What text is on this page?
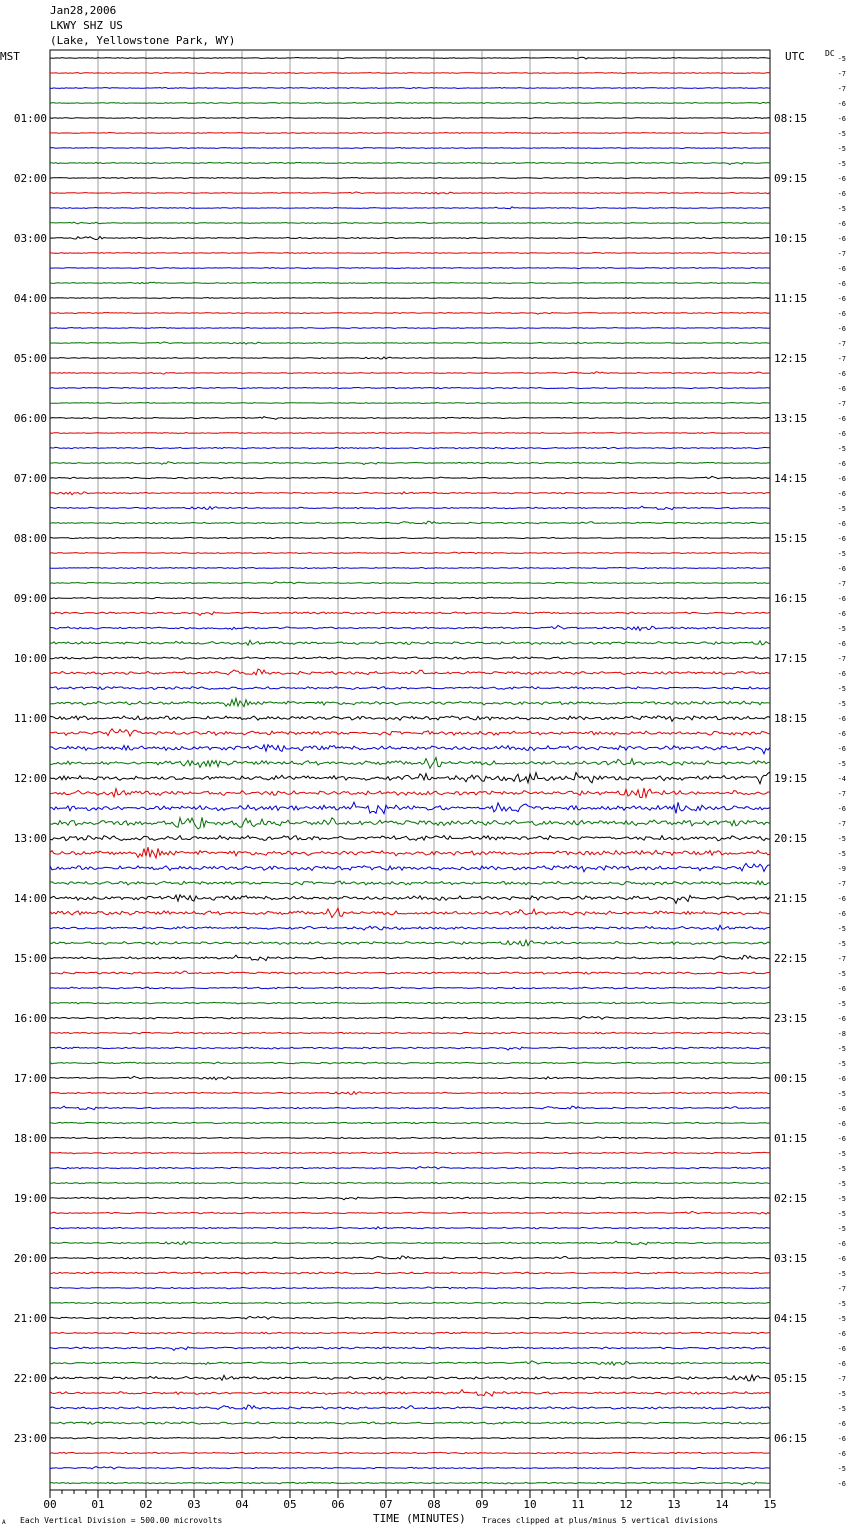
Jan28,2006
LKWY SHZ US
(Lake, Yellowstone Park, WY)
00	01	02	03	04	05	06	07	08	09	10	11	12	13	14	15
-5
-7
-7
-6
-6
01:00	08:15
-5
-5
-5
-6
02:00	09:15
-6
-5
-6
-6
03:00	10:15
-7
-6
-6
-6
04:00	11:15
-6
-6
-7
-7
05:00	12:15
-6
-6
-7
-6
06:00	13:15
-6
-5
-6
-6
07:00	14:15
-6
-5
-6
-6
08:00	15:15
-5
-6
-7
-6
09:00	16:15
-6
-5
-6
-7
10:00	17:15
-6
-5
-5
-6
11:00	18:15
-6
-6
-5
-4
12:00	19:15
-7
-6
-7
-5
13:00	20:15
-5
-9
-7
-6
14:00	21:15
-6
-5
-5
-7
15:00	22:15
-5
-6
-5
-6
16:00	23:15
-8
-5
-5
-6
17:00	00:15
-5
-6
-6
-6
18:00	01:15
-5
-5
-5
-5
19:00	02:15
-5
-5
-6
-6
20:00	03:15
-5
-7
-5
-5
21:00	04:15
-6
-6
-6
-7
22:00	05:15
-5
-5
-6
-6
23:00	06:15
-6
-5
-6
MST	UTC	DC
TIME (MINUTES)
Each Vertical Division = 500.00 microvolts	Traces clipped at plus/minus 5 vertical divisions
A
